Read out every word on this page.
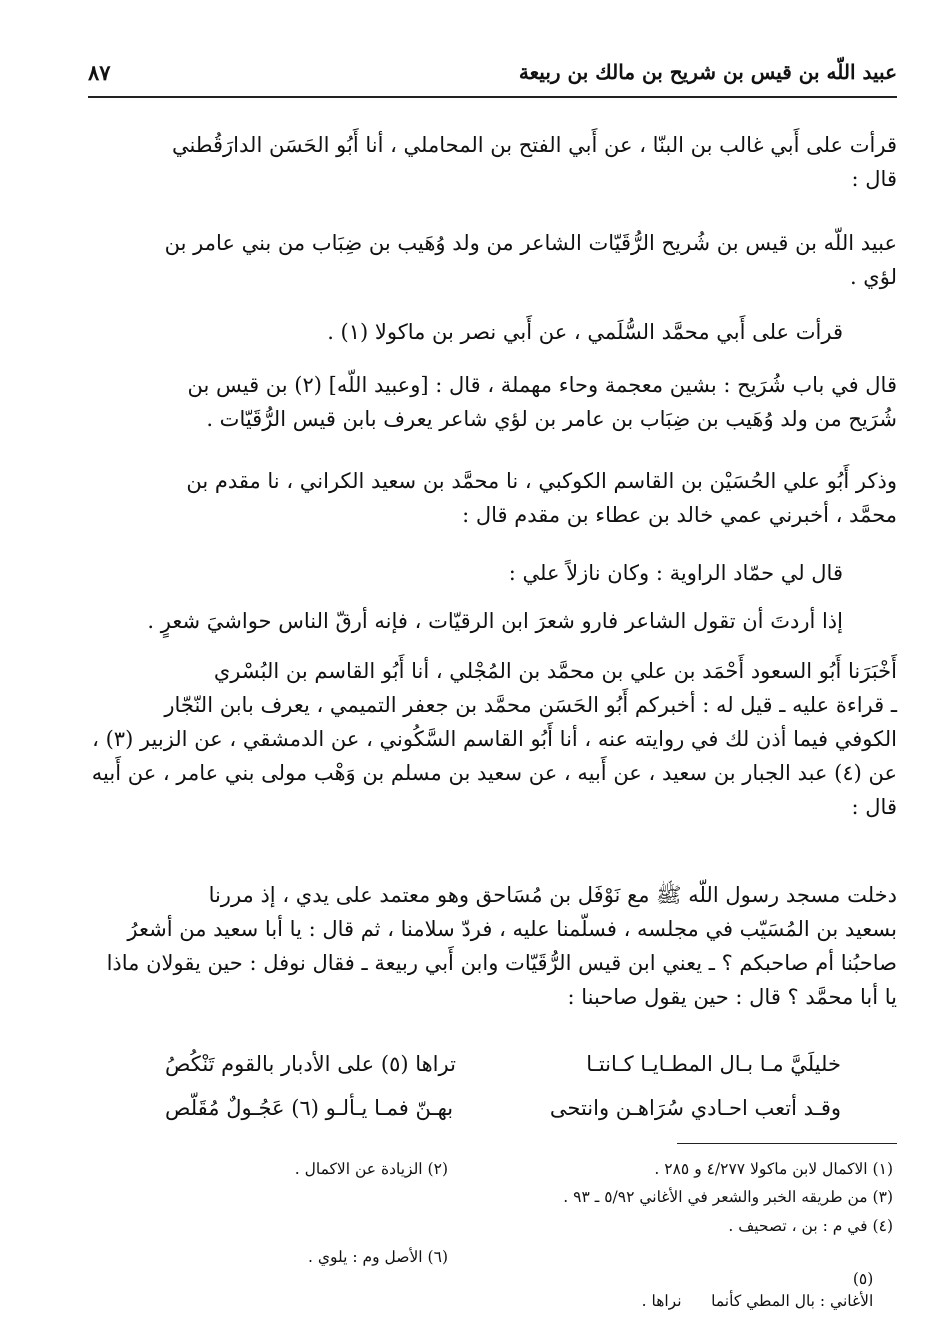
عبيد اللّه بن قيس بن شريح بن مالك بن ربيعة
٨٧
قرأت على أَبي غالب بن البنّا ، عن أَبي الفتح بن المحاملي ، أنا أَبُو الحَسَن الدارَقُطني
قال :
عبيد اللّه بن قيس بن شُريح الرُّقَيّات الشاعر من ولد وُهَيب بن ضِبَاب من بني عامر بن
لؤي .
قرأت على أَبي محمَّد السُّلَمي ، عن أَبي نصر بن ماكولا (١) .
قال في باب شُرَيح : بشين معجمة وحاء مهملة ، قال : [وعبيد اللّه] (٢) بن قيس بن
شُرَيح من ولد وُهَيب بن ضِبَاب بن عامر بن لؤي شاعر يعرف بابن قيس الرُّقَيّات .
وذكر أَبُو علي الحُسَيْن بن القاسم الكوكبي ، نا محمَّد بن سعيد الكراني ، نا مقدم بن
محمَّد ، أخبرني عمي خالد بن عطاء بن مقدم قال :
قال لي حمّاد الراوية : وكان نازلاً علي :
إذا أردتَ أن تقول الشاعر فارو شعرَ ابن الرقيّات ، فإنه أرقّ الناس حواشيَ شعرٍ .
أَخْبَرَنا أَبُو السعود أَحْمَد بن علي بن محمَّد بن المُجْلي ، أنا أَبُو القاسم بن البُسْري
ـ قراءة عليه ـ قيل له : أخبركم أَبُو الحَسَن محمَّد بن جعفر التميمي ، يعرف بابن النّجّار
الكوفي فيما أذن لك في روايته عنه ، أنا أَبُو القاسم السَّكُوني ، عن الدمشقي ، عن الزبير (٣) ،
عن (٤) عبد الجبار بن سعيد ، عن أَبيه ، عن سعيد بن مسلم بن وَهْب مولى بني عامر ، عن أَبيه
قال :
دخلت مسجد رسول اللّه ﷺ مع نَوْفَل بن مُسَاحق وهو معتمد على يدي ، إذ مررنا
بسعيد بن المُسَيّب في مجلسه ، فسلّمنا عليه ، فردّ سلامنا ، ثم قال : يا أبا سعيد من أشعرُ
صاحبُنا أم صاحبكم ؟ ـ يعني ابن قيس الرُّقَيّات وابن أَبي ربيعة ـ فقال نوفل : حين يقولان ماذا
يا أبا محمَّد ؟ قال : حين يقول صاحبنا :
خليلَيَّ مـا بـال المطـايـا كـانتـا
تراها (٥) على الأدبار بالقوم تَنْكُصُ
وقـد أتعب احـادي سُرَاهـن وانتحى
بهـنّ فمـا يـألـو (٦) عَجُـولٌ مُقَلّص
(١) الاكمال لابن ماكولا ٤/٢٧٧ و ٢٨٥ .
(٢) الزيادة عن الاكمال .
(٣) من طريقه الخبر والشعر في الأغاني ٥/٩٢ ـ ٩٣ .
(٤) في م : بن ، تصحيف .

(٥)
الأغاني : بال المطي كأنما      نراها .

(٦) الأصل وم : يلوي .
